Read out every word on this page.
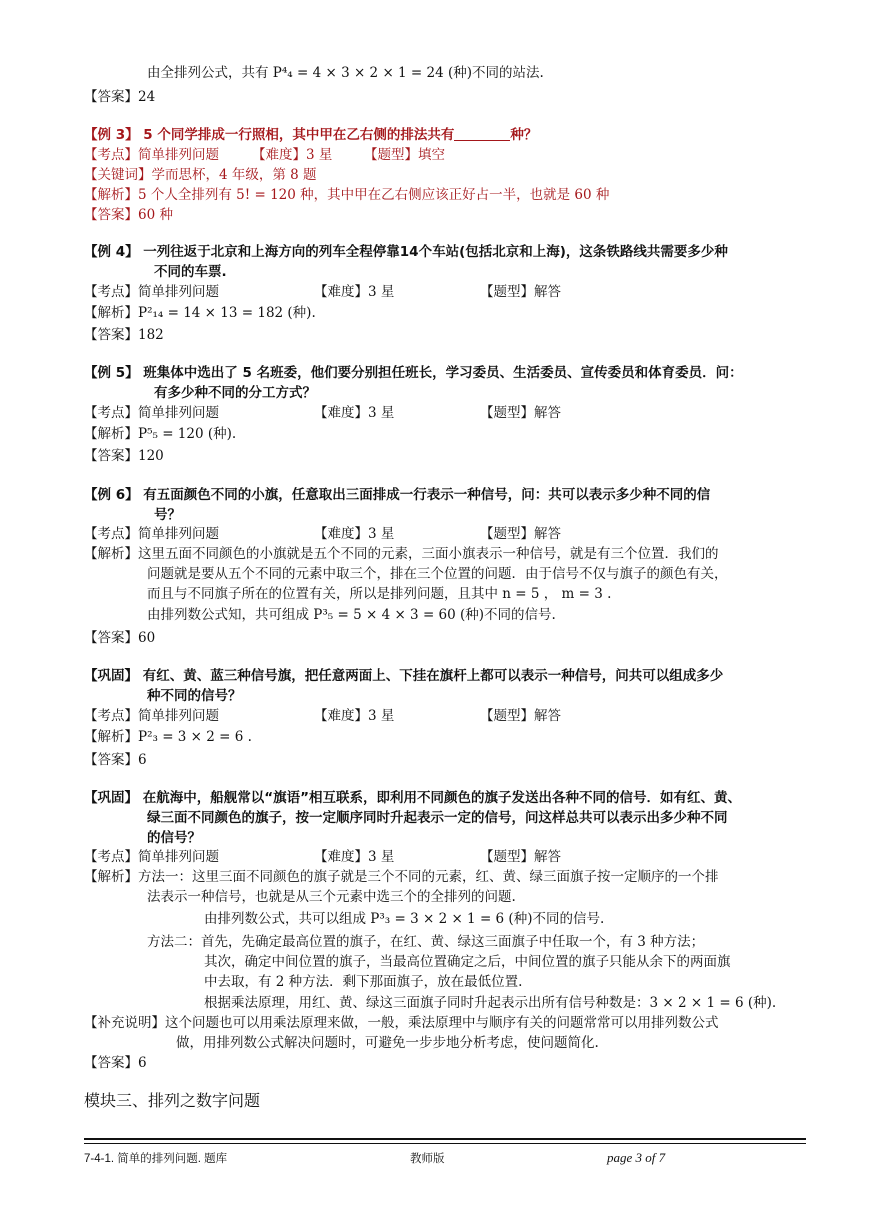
由全排列公式，共有 P⁴₄ = 4 × 3 × 2 × 1 = 24 (种)不同的站法.
【答案】24
【例 3】 5 个同学排成一行照相，其中甲在乙右侧的排法共有	种？
【考点】简单排列问题 【难度】3 星 【题型】填空
【关键词】学而思杯，4 年级，第 8 题
【解析】5 个人全排列有 5! = 120 种，其中甲在乙右侧应该正好占一半，也就是 60 种
【答案】60 种
【例 4】 一列往返于北京和上海方向的列车全程停靠14个车站(包括北京和上海)，这条铁路线共需要多少种
不同的车票.
【考点】简单排列问题	【难度】3 星	【题型】解答
【解析】P²₁₄ = 14 × 13 = 182 (种).
【答案】182
【例 5】 班集体中选出了 5 名班委，他们要分别担任班长，学习委员、生活委员、宣传委员和体育委员．问：
有多少种不同的分工方式？
【考点】简单排列问题	【难度】3 星	【题型】解答
【解析】P⁵₅ = 120 (种).
【答案】120
【例 6】 有五面颜色不同的小旗，任意取出三面排成一行表示一种信号，问：共可以表示多少种不同的信
号？
【考点】简单排列问题	【难度】3 星	【题型】解答
【解析】这里五面不同颜色的小旗就是五个不同的元素，三面小旗表示一种信号，就是有三个位置．我们的
问题就是要从五个不同的元素中取三个，排在三个位置的问题．由于信号不仅与旗子的颜色有关，
而且与不同旗子所在的位置有关，所以是排列问题，且其中 n = 5 ， m = 3 .
由排列数公式知，共可组成 P³₅ = 5 × 4 × 3 = 60 (种)不同的信号.
【答案】60
【巩固】 有红、黄、蓝三种信号旗，把任意两面上、下挂在旗杆上都可以表示一种信号，问共可以组成多少
种不同的信号？
【考点】简单排列问题	【难度】3 星	【题型】解答
【解析】P²₃ = 3 × 2 = 6 .
【答案】6
【巩固】 在航海中，船舰常以“旗语”相互联系，即利用不同颜色的旗子发送出各种不同的信号．如有红、黄、
绿三面不同颜色的旗子，按一定顺序同时升起表示一定的信号，问这样总共可以表示出多少种不同
的信号？
【考点】简单排列问题	【难度】3 星	【题型】解答
【解析】方法一：这里三面不同颜色的旗子就是三个不同的元素，红、黄、绿三面旗子按一定顺序的一个排
法表示一种信号，也就是从三个元素中选三个的全排列的问题.
由排列数公式，共可以组成 P³₃ = 3 × 2 × 1 = 6 (种)不同的信号.
方法二：首先，先确定最高位置的旗子，在红、黄、绿这三面旗子中任取一个，有 3 种方法；
其次，确定中间位置的旗子，当最高位置确定之后，中间位置的旗子只能从余下的两面旗
中去取，有 2 种方法．剩下那面旗子，放在最低位置.
根据乘法原理，用红、黄、绿这三面旗子同时升起表示出所有信号种数是：3 × 2 × 1 = 6 (种).
【补充说明】这个问题也可以用乘法原理来做，一般，乘法原理中与顺序有关的问题常常可以用排列数公式
做，用排列数公式解决问题时，可避免一步步地分析考虑，使问题简化.
【答案】6
模块三、排列之数字问题
7-4-1. 简单的排列问题. 题库	教师版	page 3 of 7
